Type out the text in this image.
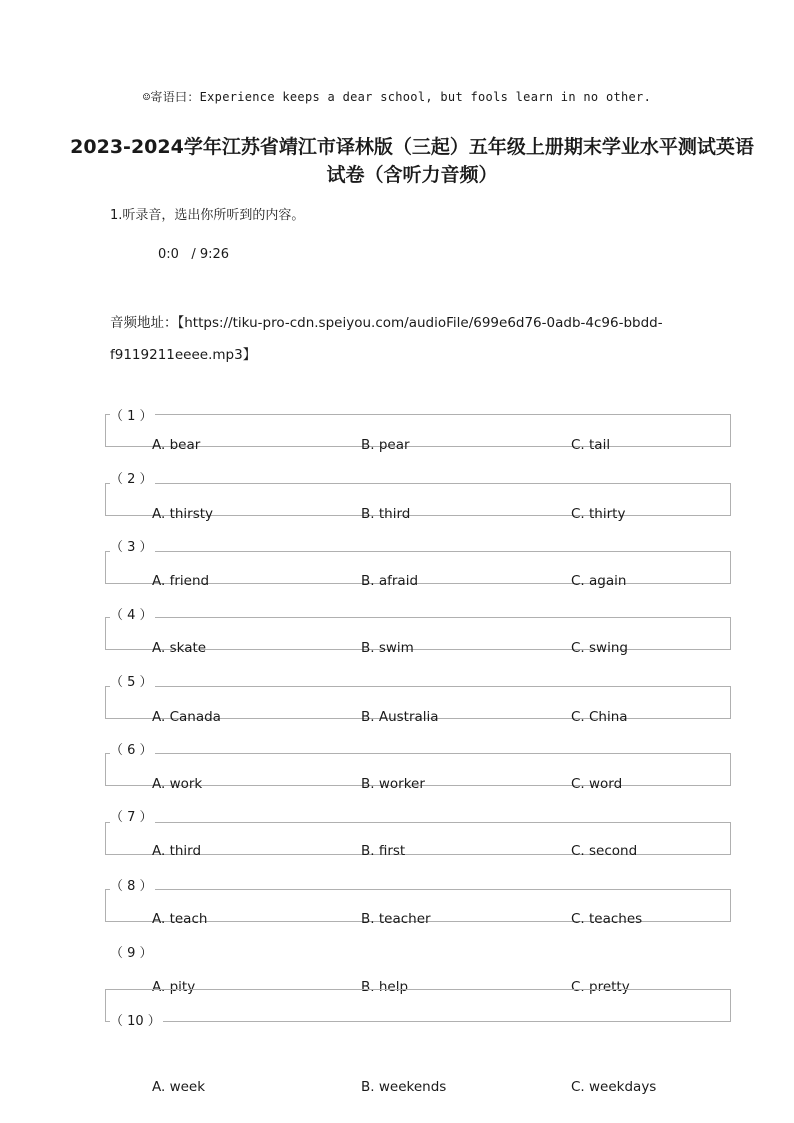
☺寄语曰：Experience keeps a dear school, but fools learn in no other.
2023-2024学年江苏省靖江市译林版（三起）五年级上册期末学业水平测试英语
试卷（含听力音频）
1.听录音，选出你所听到的内容。
0:0 / 9:26
音频地址：【https://tiku-pro-cdn.speiyou.com/audioFile/699e6d76-0adb-4c96-bbdd-
f9119211eeee.mp3】
（ 1 ）
A. bear	B. pear	C. tail
（ 2 ）
A. thirsty	B. third	C. thirty
（ 3 ）
A. friend	B. afraid	C. again
（ 4 ）
A. skate	B. swim	C. swing
（ 5 ）
A. Canada	B. Australia	C. China
（ 6 ）
A. work	B. worker	C. word
（ 7 ）
A. third	B. first	C. second
（ 8 ）
A. teach	B. teacher	C. teaches
（ 9 ）
A. pity	B. help	C. pretty
（ 10 ）
A. week	B. weekends	C. weekdays
